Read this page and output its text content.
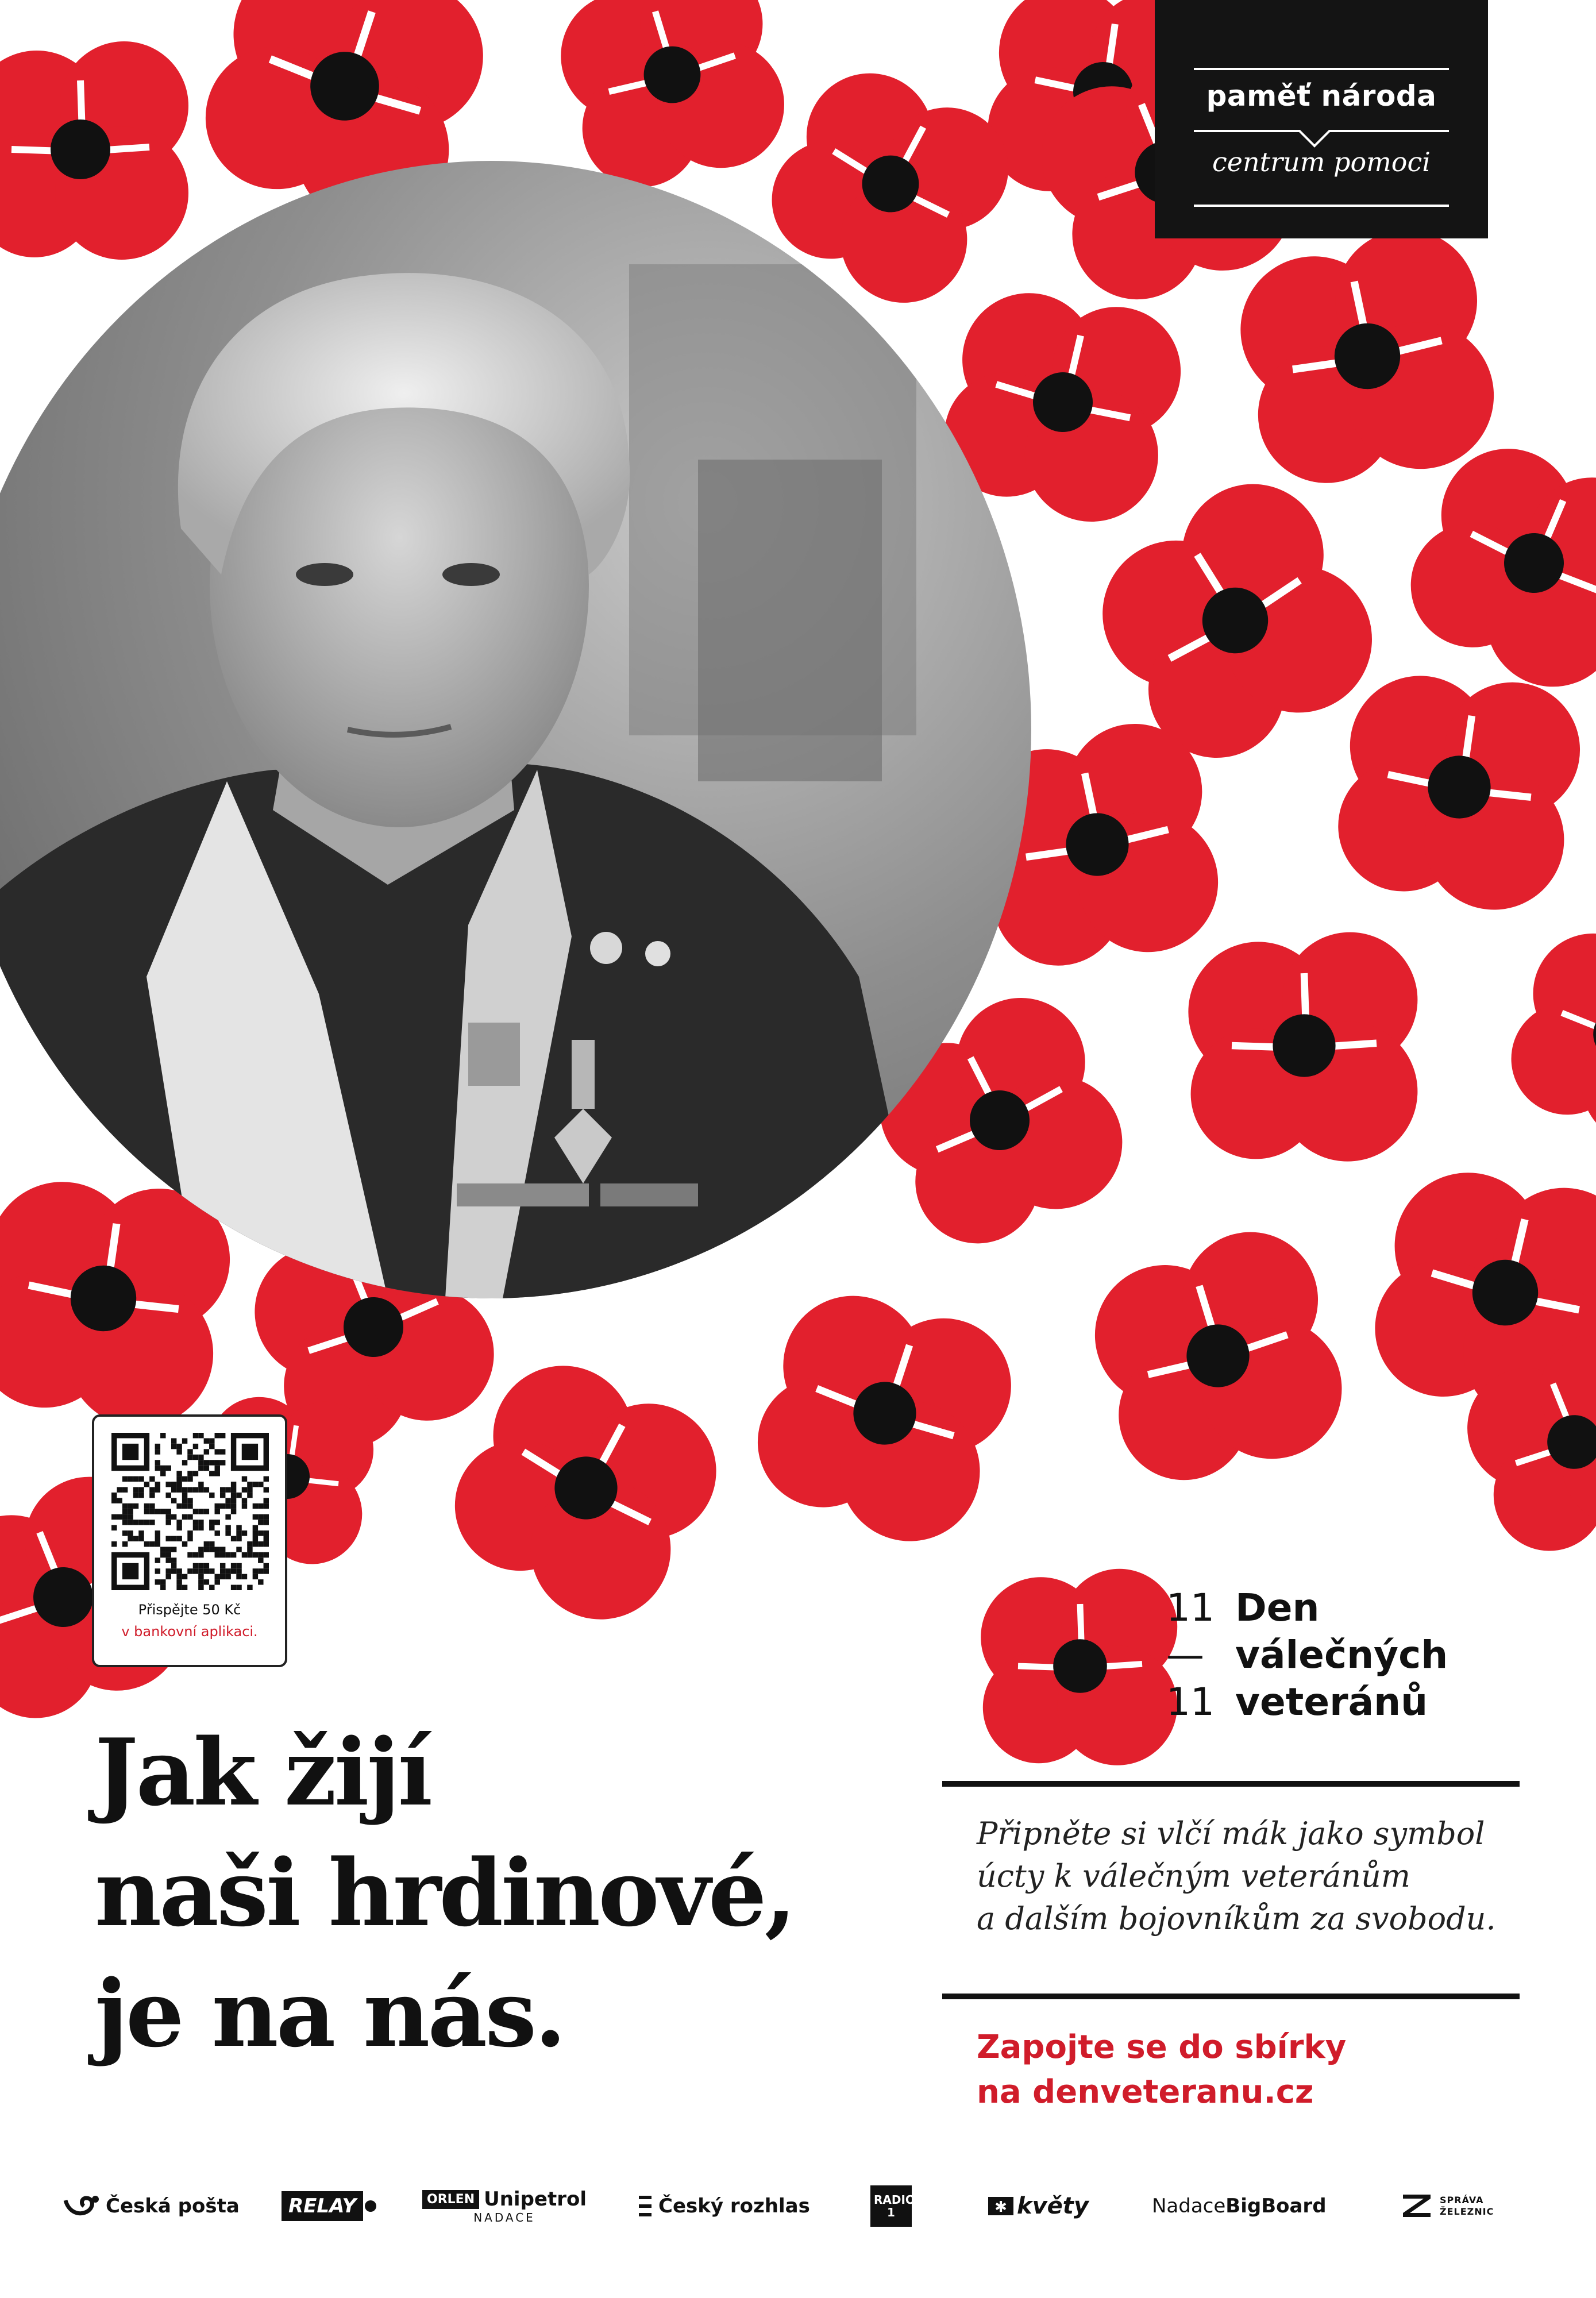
paměť národa
centrum pomoci
Přispějte 50 Kč
v bankovní aplikaci.
11 Den
— válečných
11 veteránů
Jak žijí
naši hrdinové,
je na nás.
Připněte si vlčí mák jako symbol
úcty k válečným veteránům
a dalším bojovníkům za svobodu.
Zapojte se do sbírky
na denveteranu.cz
Česká pošta	RELAY	ORLEN Unipetrol
NADACE	Český rozhlas	RADIO 1	✱ květy	Nadace BigBoard	SPRÁVA
ŽELEZNIC
